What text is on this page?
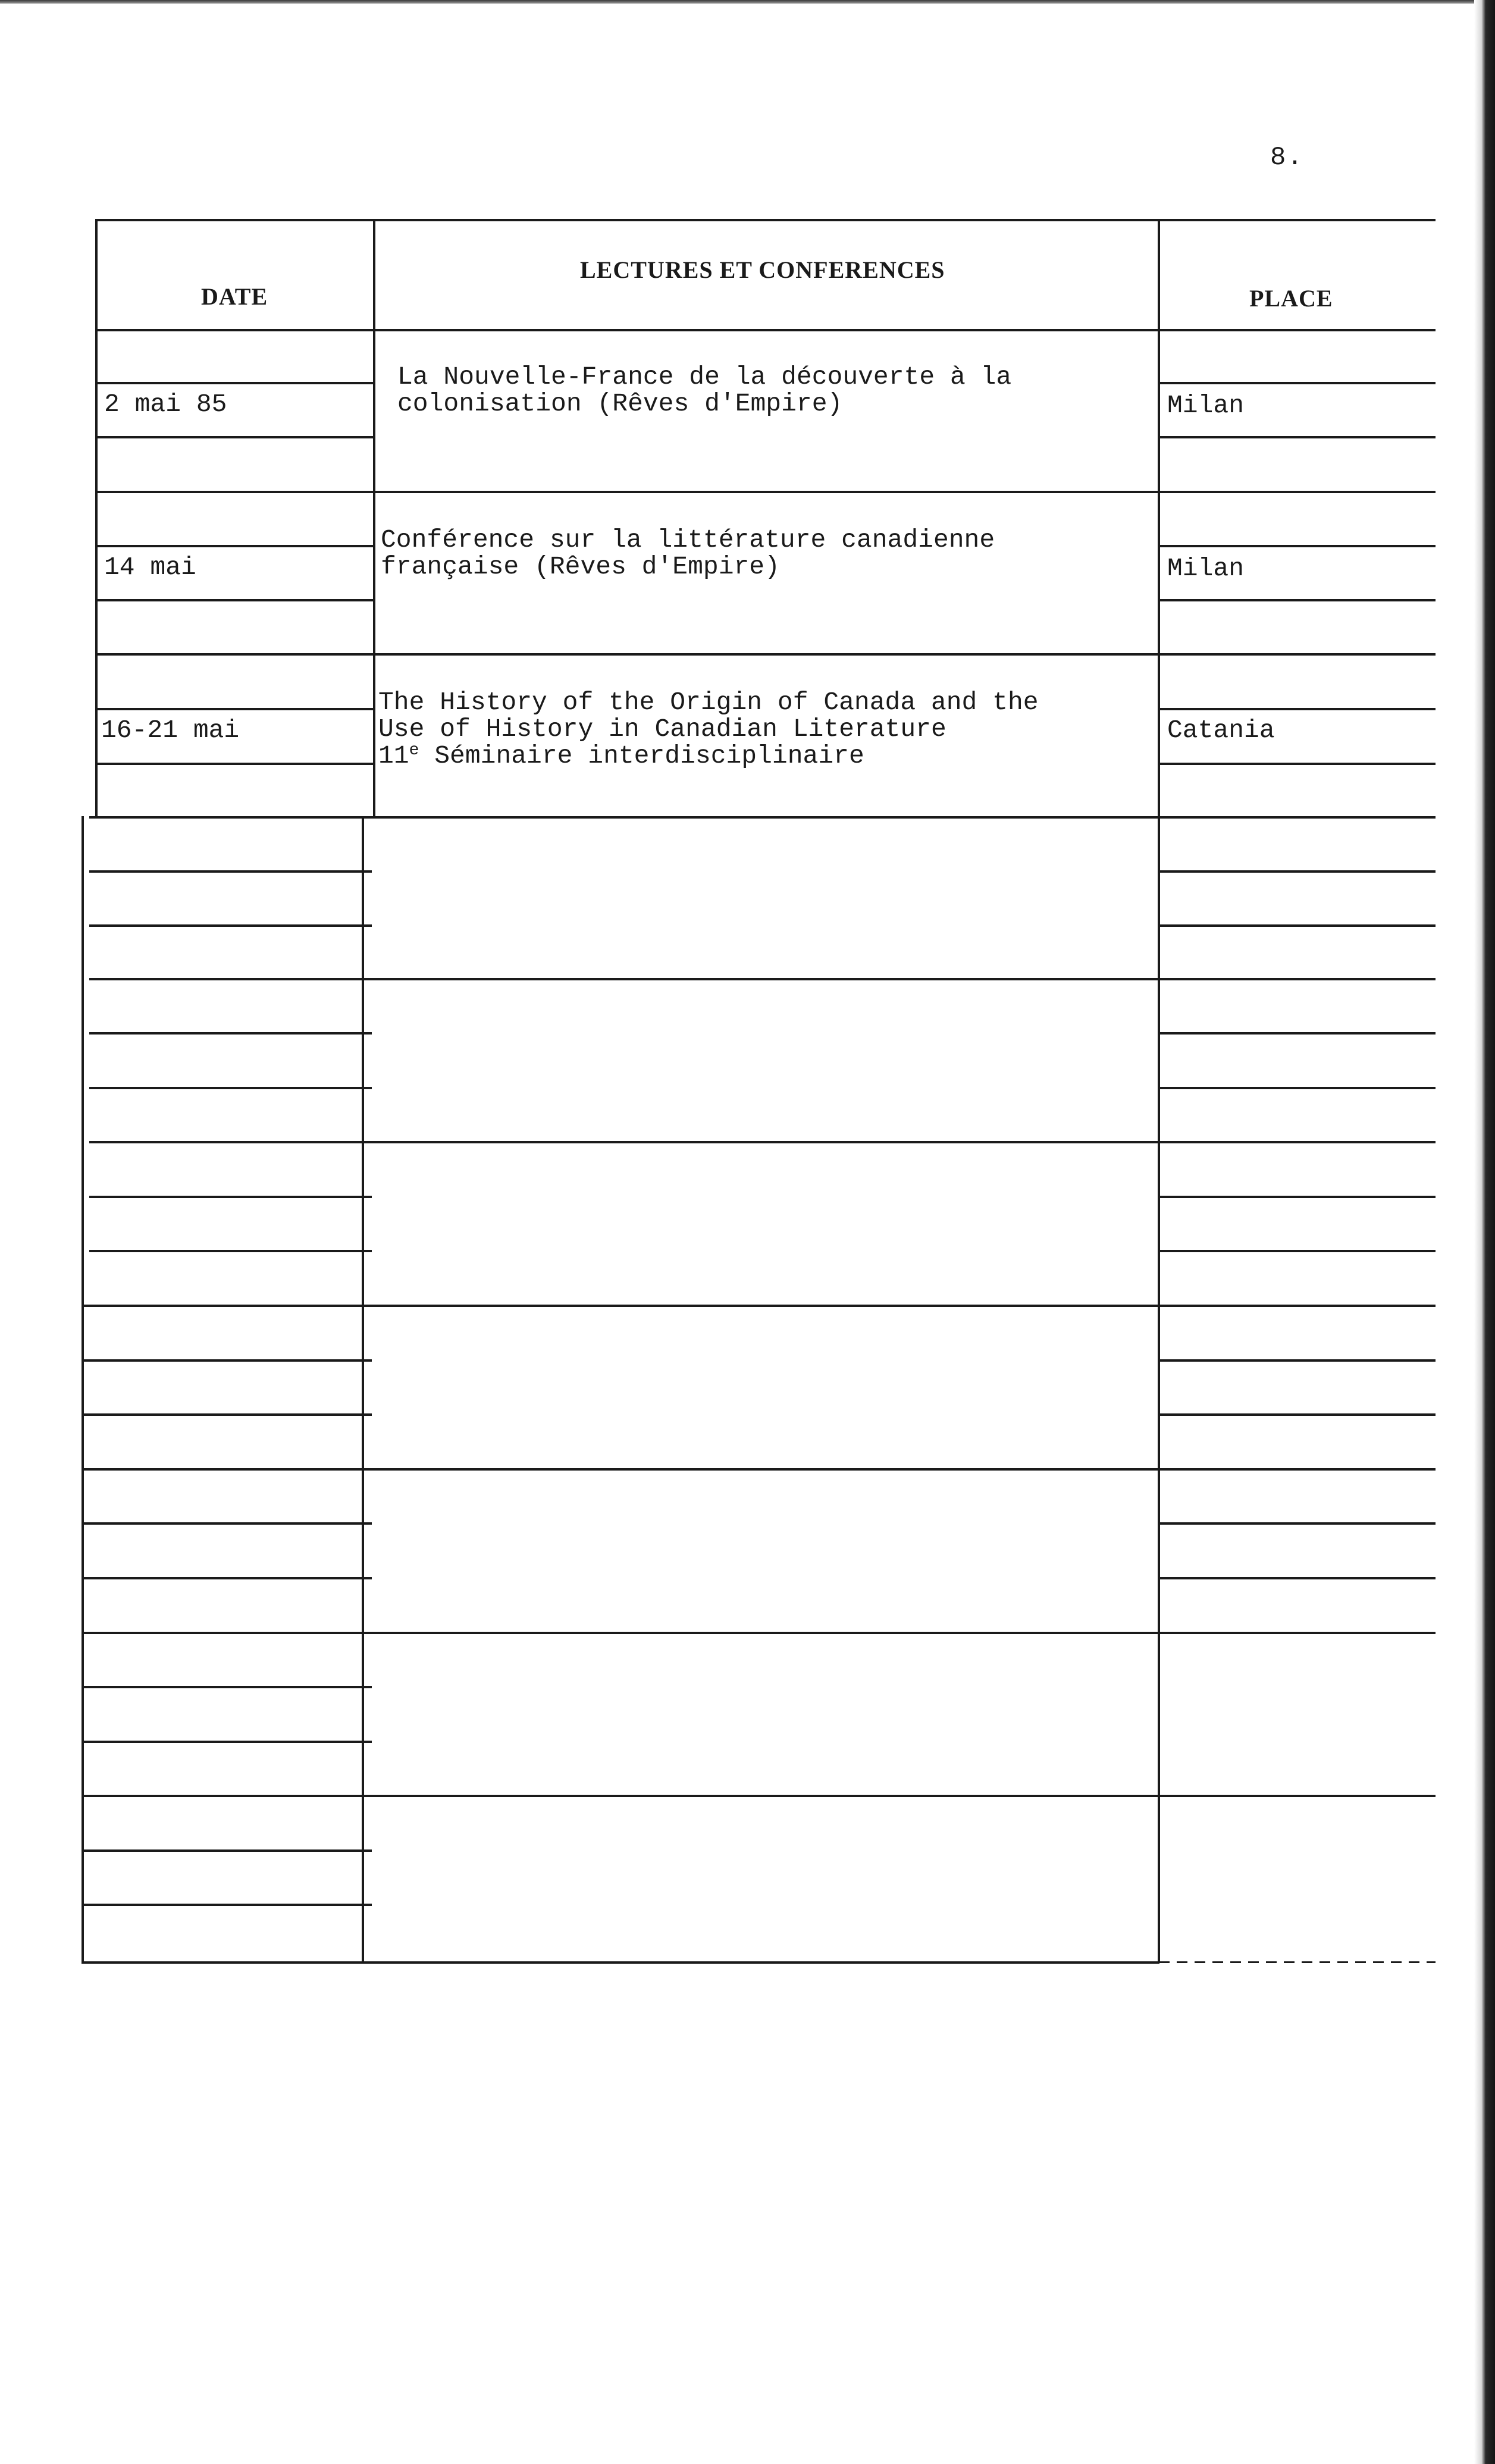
8.
DATE
LECTURES ET CONFERENCES
PLACE
2 mai 85
La Nouvelle-France de la découverte à la
colonisation (Rêves d'Empire)	Milan
14 mai
Conférence sur la littérature canadienne
française (Rêves d'Empire)	Milan
16-21 mai
The History of the Origin of Canada and the
Use of History in Canadian Literature
11e Séminaire interdisciplinaire
Catania
